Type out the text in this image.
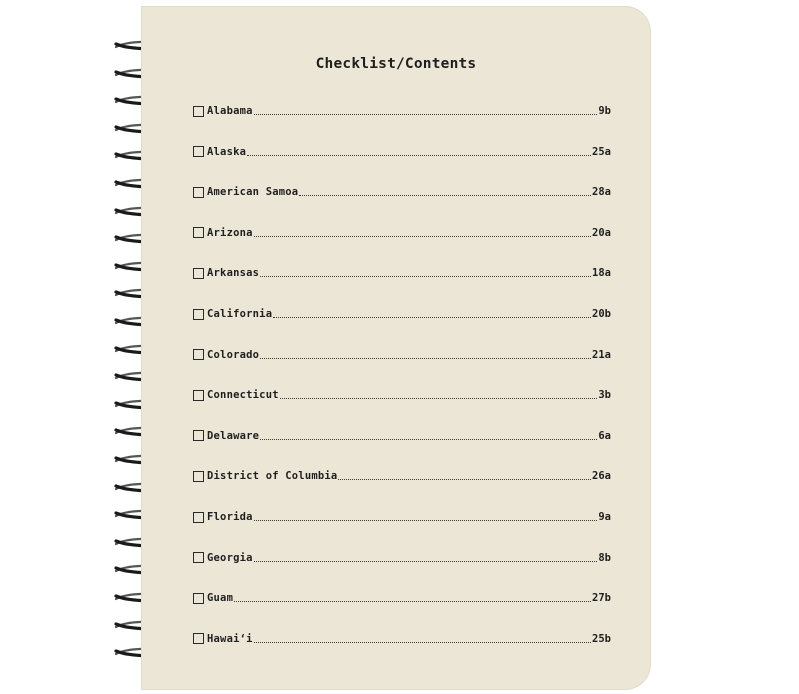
Checklist/Contents
Alabama	9b
Alaska	25a
American Samoa	28a
Arizona	20a
Arkansas	18a
California	20b
Colorado	21a
Connecticut	3b
Delaware	6a
District of Columbia	26a
Florida	9a
Georgia	8b
Guam	27b
Hawai‘i	25b
